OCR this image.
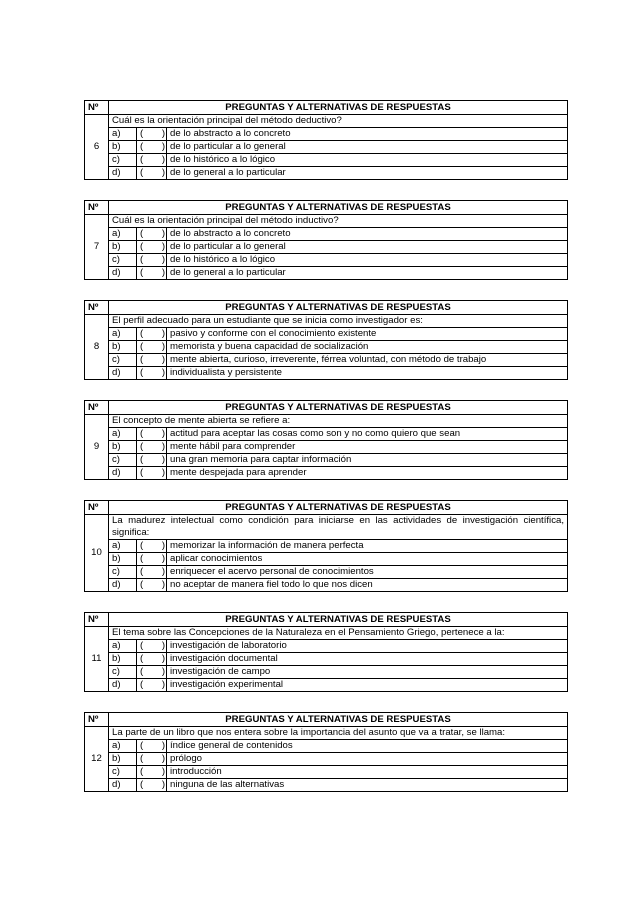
Nº	PREGUNTAS Y ALTERNATIVAS DE RESPUESTAS		
6	Cuál es la orientación principal del método deductivo?		
	a)	(       )	de lo abstracto a lo concreto
	b)	(       )	de lo particular a lo general
	c)	(       )	de lo histórico a lo lógico
	d)	(       )	de lo general a lo particular
Nº	PREGUNTAS Y ALTERNATIVAS DE RESPUESTAS		
7	Cuál es la orientación principal del método inductivo?		
	a)	(       )	de lo abstracto a lo concreto
	b)	(       )	de lo particular a lo general
	c)	(       )	de lo histórico a lo lógico
	d)	(       )	de lo general a lo particular
Nº	PREGUNTAS Y ALTERNATIVAS DE RESPUESTAS		
8	El perfil adecuado para un estudiante que se inicia como investigador es:		
	a)	(       )	pasivo y conforme con el conocimiento existente
	b)	(       )	memorista y buena capacidad de socialización
	c)	(       )	mente abierta, curioso, irreverente, férrea voluntad, con método de trabajo
	d)	(       )	individualista y persistente
Nº	PREGUNTAS Y ALTERNATIVAS DE RESPUESTAS		
9	El concepto de mente abierta se refiere a:		
	a)	(       )	actitud para aceptar las cosas como son y no como quiero que sean
	b)	(       )	mente hábil para comprender
	c)	(       )	una gran memoria para captar información
	d)	(       )	mente despejada para aprender
Nº	PREGUNTAS Y ALTERNATIVAS DE RESPUESTAS		
10	La madurez intelectual como condición para iniciarse en las actividades de investigación científica, significa:		
	a)	(       )	memorizar la información de manera perfecta
	b)	(       )	aplicar conocimientos
	c)	(       )	enriquecer el acervo personal de conocimientos
	d)	(       )	no aceptar de manera fiel todo lo que nos dicen
Nº	PREGUNTAS Y ALTERNATIVAS DE RESPUESTAS		
11	El tema sobre las Concepciones de la Naturaleza en el Pensamiento Griego, pertenece a la:		
	a)	(       )	investigación de laboratorio
	b)	(       )	investigación documental
	c)	(       )	investigación de campo
	d)	(       )	investigación experimental
Nº	PREGUNTAS Y ALTERNATIVAS DE RESPUESTAS		
12	La parte de un libro que nos entera sobre la importancia del asunto que va a tratar, se llama:		
	a)	(       )	índice general de contenidos
	b)	(       )	prólogo
	c)	(       )	introducción
	d)	(       )	ninguna de las alternativas
